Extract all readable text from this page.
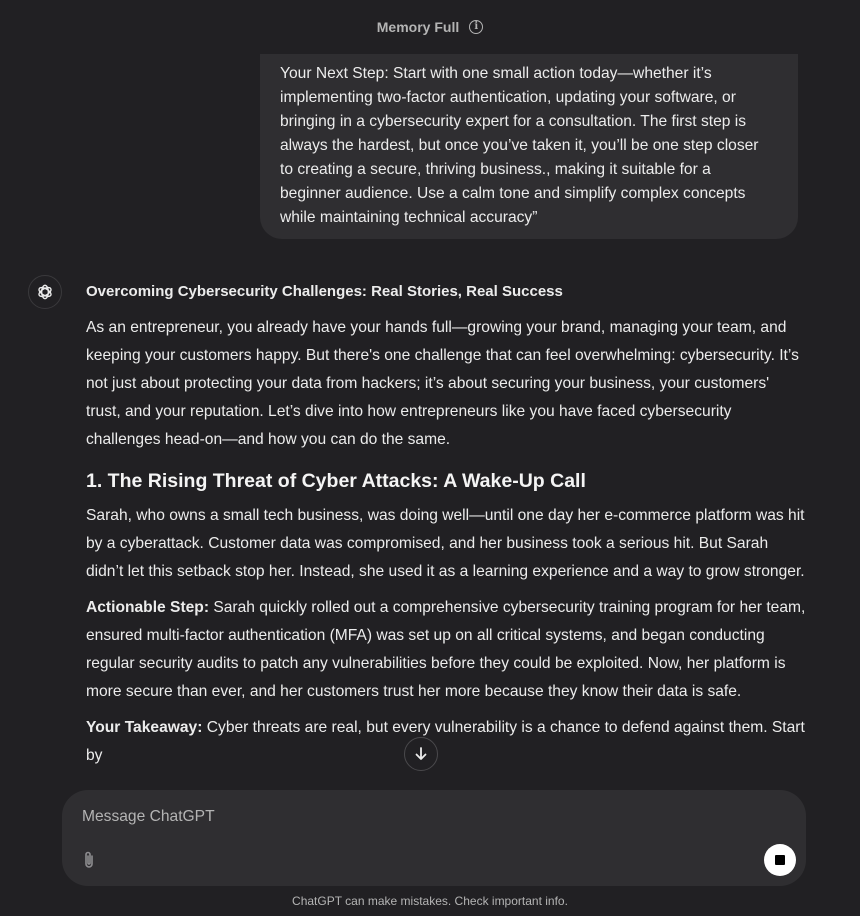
Memory Full	i

Your Next Step: Start with one small action today—whether it’s
implementing two-factor authentication, updating your software, or
bringing in a cybersecurity expert for a consultation. The first step is
always the hardest, but once you’ve taken it, you’ll be one step closer
to creating a secure, thriving business., making it suitable for a
beginner audience. Use a calm tone and simplify complex concepts
while maintaining technical accuracy”

Overcoming Cybersecurity Challenges: Real Stories, Real Success

As an entrepreneur, you already have your hands full—growing your brand, managing your team, and keeping your customers happy. But there's one challenge that can feel overwhelming: cybersecurity. It’s not just about protecting your data from hackers; it’s about securing your business, your customers' trust, and your reputation. Let’s dive into how entrepreneurs like you have faced cybersecurity challenges head-on—and how you can do the same.

1. The Rising Threat of Cyber Attacks: A Wake-Up Call

Sarah, who owns a small tech business, was doing well—until one day her e-commerce platform was hit by a cyberattack. Customer data was compromised, and her business took a serious hit. But Sarah didn’t let this setback stop her. Instead, she used it as a learning experience and a way to grow stronger.

Actionable Step: Sarah quickly rolled out a comprehensive cybersecurity training program for her team, ensured multi-factor authentication (MFA) was set up on all critical systems, and began conducting regular security audits to patch any vulnerabilities before they could be exploited. Now, her platform is more secure than ever, and her customers trust her more because they know their data is safe.

Your Takeaway: Cyber threats are real, but every vulnerability is a chance to defend against them. Start by

Message ChatGPT
ChatGPT can make mistakes. Check important info.
